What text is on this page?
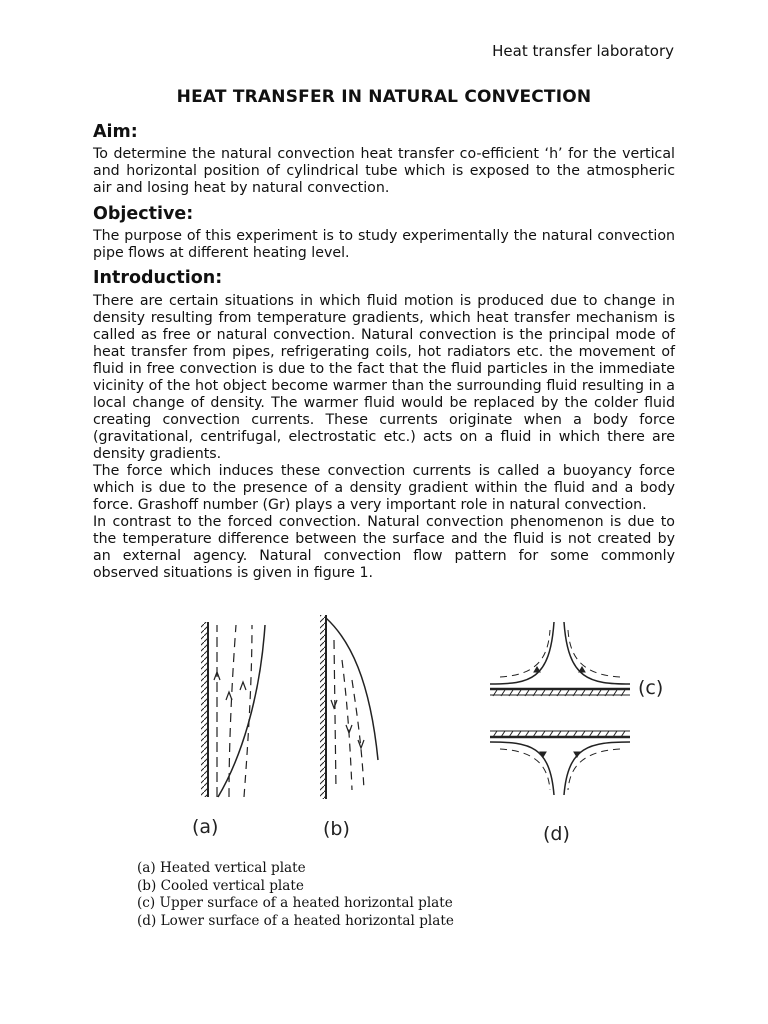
Heat transfer laboratory
HEAT TRANSFER IN NATURAL CONVECTION
Aim:
To determine the natural convection heat transfer co-efficient ‘h’ for the vertical and horizontal position of cylindrical tube which is exposed to the atmospheric air and losing heat by natural convection.
Objective:
The purpose of this experiment is to study experimentally the natural convection pipe flows at different heating level.
Introduction:
There are certain situations in which fluid motion is produced due to change in density resulting from temperature gradients, which heat transfer mechanism is called as free or natural convection. Natural convection is the principal mode of heat transfer from pipes, refrigerating coils, hot radiators etc. the movement of fluid in free convection is due to the fact that the fluid particles in the immediate vicinity of the hot object become warmer than the surrounding fluid resulting in a local change of density. The warmer fluid would be replaced by the colder fluid creating convection currents. These currents originate when a body force (gravitational, centrifugal, electrostatic etc.) acts on a fluid in which there are density gradients.
The force which induces these convection currents is called a buoyancy force which is due to the presence of a density gradient within the fluid and a body force. Grashoff number (Gr) plays a very important role in natural convection.
In contrast to the forced convection. Natural convection phenomenon is due to the temperature difference between the surface and the fluid is not created by an external agency. Natural convection flow pattern for some commonly observed situations is given in figure 1.
(a)	(b)
(c)
(d)
(a) Heated vertical plate
(b) Cooled vertical plate
(c) Upper surface of a heated horizontal plate
(d) Lower surface of a heated horizontal plate
